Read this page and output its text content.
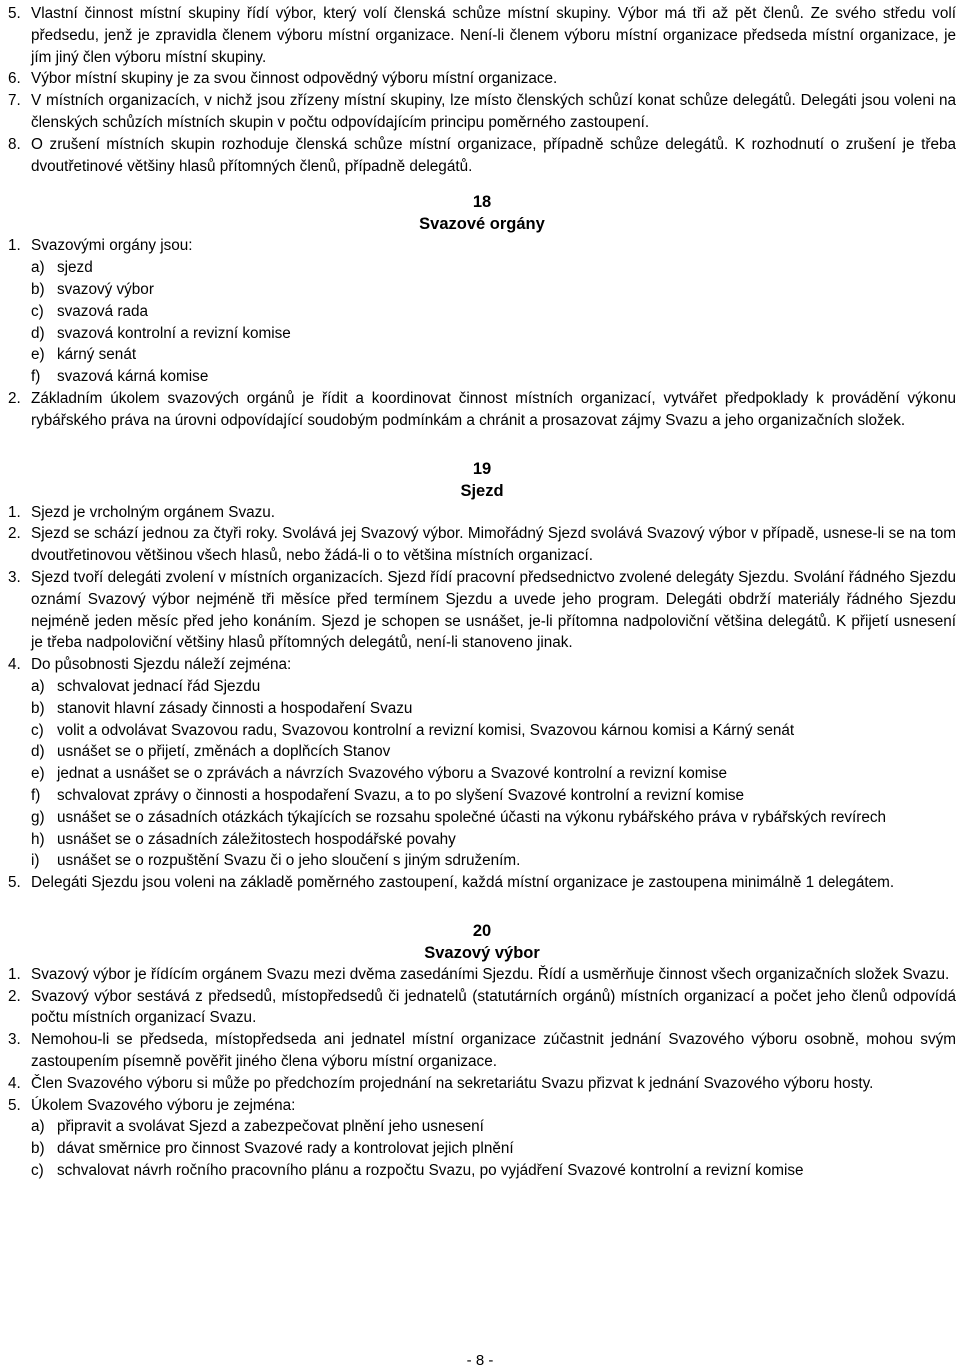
5. Vlastní činnost místní skupiny řídí výbor, který volí členská schůze místní skupiny. Výbor má tři až pět členů. Ze svého středu volí předsedu, jenž je zpravidla členem výboru místní organizace. Není-li členem výboru místní organizace předseda místní organizace, je jím jiný člen výboru místní skupiny.
6. Výbor místní skupiny je za svou činnost odpovědný výboru místní organizace.
7. V místních organizacích, v nichž jsou zřízeny místní skupiny, lze místo členských schůzí konat schůze delegátů. Delegáti jsou voleni na členských schůzích místních skupin v počtu odpovídajícím principu poměrného zastoupení.
8. O zrušení místních skupin rozhoduje členská schůze místní organizace, případně schůze delegátů. K rozhodnutí o zrušení je třeba dvoutřetinové většiny hlasů přítomných členů, případně delegátů.
18
Svazové orgány
1. Svazovými orgány jsou:
a) sjezd
b) svazový výbor
c) svazová rada
d) svazová kontrolní a revizní komise
e) kárný senát
f)	svazová kárná komise
2. Základním úkolem svazových orgánů je řídit a koordinovat činnost místních organizací, vytvářet předpoklady k provádění výkonu rybářského práva na úrovni odpovídající soudobým podmínkám a chránit a prosazovat zájmy Svazu a jeho organizačních složek.
19
Sjezd
1. Sjezd je vrcholným orgánem Svazu.
2. Sjezd se schází jednou za čtyři roky. Svolává jej Svazový výbor. Mimořádný Sjezd svolává Svazový výbor v případě, usnese-li se na tom dvoutřetinovou většinou všech hlasů, nebo žádá-li o to většina místních organizací.
3. Sjezd tvoří delegáti zvolení v místních organizacích. Sjezd řídí pracovní předsednictvo zvolené delegáty Sjezdu. Svolání řádného Sjezdu oznámí Svazový výbor nejméně tři měsíce před termínem Sjezdu a uvede jeho program. Delegáti obdrží materiály řádného Sjezdu nejméně jeden měsíc před jeho konáním. Sjezd je schopen se usnášet, je-li přítomna nadpoloviční většina delegátů. K přijetí usnesení je třeba nadpoloviční většiny hlasů přítomných delegátů, není-li stanoveno jinak.
4. Do působnosti Sjezdu náleží zejména:
a) schvalovat jednací řád Sjezdu
b) stanovit hlavní zásady činnosti a hospodaření Svazu
c) volit a odvolávat Svazovou radu, Svazovou kontrolní a revizní komisi, Svazovou kárnou komisi a Kárný senát
d) usnášet se o přijetí, změnách a doplňcích Stanov
e) jednat a usnášet se o zprávách a návrzích Svazového výboru a Svazové kontrolní a revizní komise
f)	schvalovat zprávy o činnosti a hospodaření Svazu, a to po slyšení Svazové kontrolní a revizní komise
g) usnášet se o zásadních otázkách týkajících se rozsahu společné účasti na výkonu rybářského práva v rybářských revírech
h) usnášet se o zásadních záležitostech hospodářské povahy
i)	usnášet se o rozpuštění Svazu či o jeho sloučení s jiným sdružením.
5. Delegáti Sjezdu jsou voleni na základě poměrného zastoupení, každá místní organizace je zastoupena minimálně 1 delegátem.
20
Svazový výbor
1. Svazový výbor je řídícím orgánem Svazu mezi dvěma zasedáními Sjezdu. Řídí a usměrňuje činnost všech organizačních složek Svazu.
2. Svazový výbor sestává z předsedů, místopředsedů či jednatelů (statutárních orgánů) místních organizací a počet jeho členů odpovídá počtu místních organizací Svazu.
3. Nemohou-li se předseda, místopředseda ani jednatel místní organizace zúčastnit jednání Svazového výboru osobně, mohou svým zastoupením písemně pověřit jiného člena výboru místní organizace.
4. Člen Svazového výboru si může po předchozím projednání na sekretariátu Svazu přizvat k jednání Svazového výboru hosty.
5. Úkolem Svazového výboru je zejména:
a) připravit a svolávat Sjezd a zabezpečovat plnění jeho usnesení
b) dávat směrnice pro činnost Svazové rady a kontrolovat jejich plnění
c) schvalovat návrh ročního pracovního plánu a rozpočtu Svazu, po vyjádření Svazové kontrolní a revizní komise
- 8 -
